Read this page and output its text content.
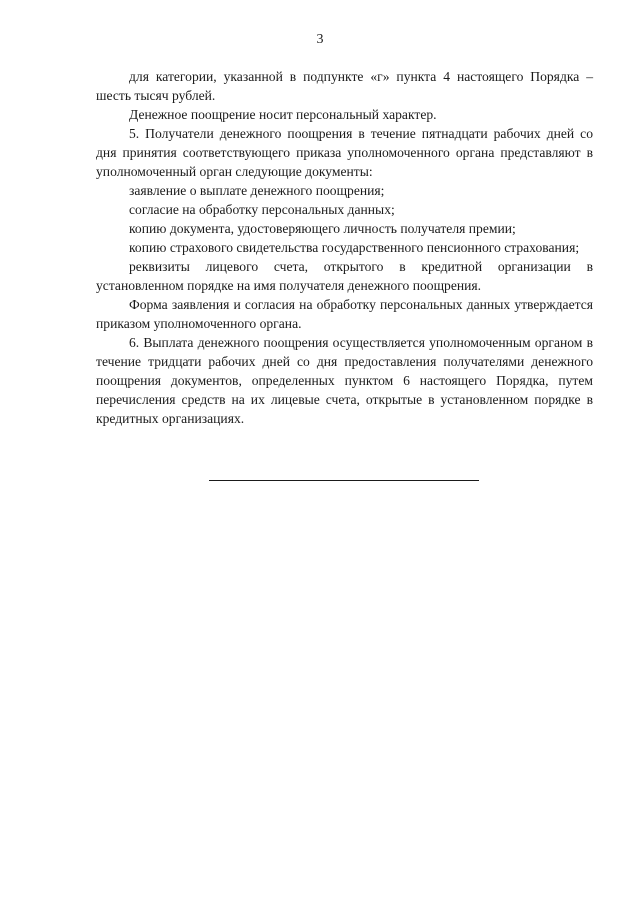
3

для категории, указанной в подпункте «г» пункта 4 настоящего Порядка – шесть тысяч рублей.

Денежное поощрение носит персональный характер.

5. Получатели денежного поощрения в течение пятнадцати рабочих дней со дня принятия соответствующего приказа уполномоченного органа представляют в уполномоченный орган следующие документы:

заявление о выплате денежного поощрения;

согласие на обработку персональных данных;

копию документа, удостоверяющего личность получателя премии;

копию страхового свидетельства государственного пенсионного страхования;

реквизиты лицевого счета, открытого в кредитной организации в установленном порядке на имя получателя денежного поощрения.

Форма заявления и согласия на обработку персональных данных утверждается приказом уполномоченного органа.

6. Выплата денежного поощрения осуществляется уполномоченным органом в течение тридцати рабочих дней со дня предоставления получателями денежного поощрения документов, определенных пунктом 6 настоящего Порядка, путем перечисления средств на их лицевые счета, открытые в установленном порядке в кредитных организациях.
